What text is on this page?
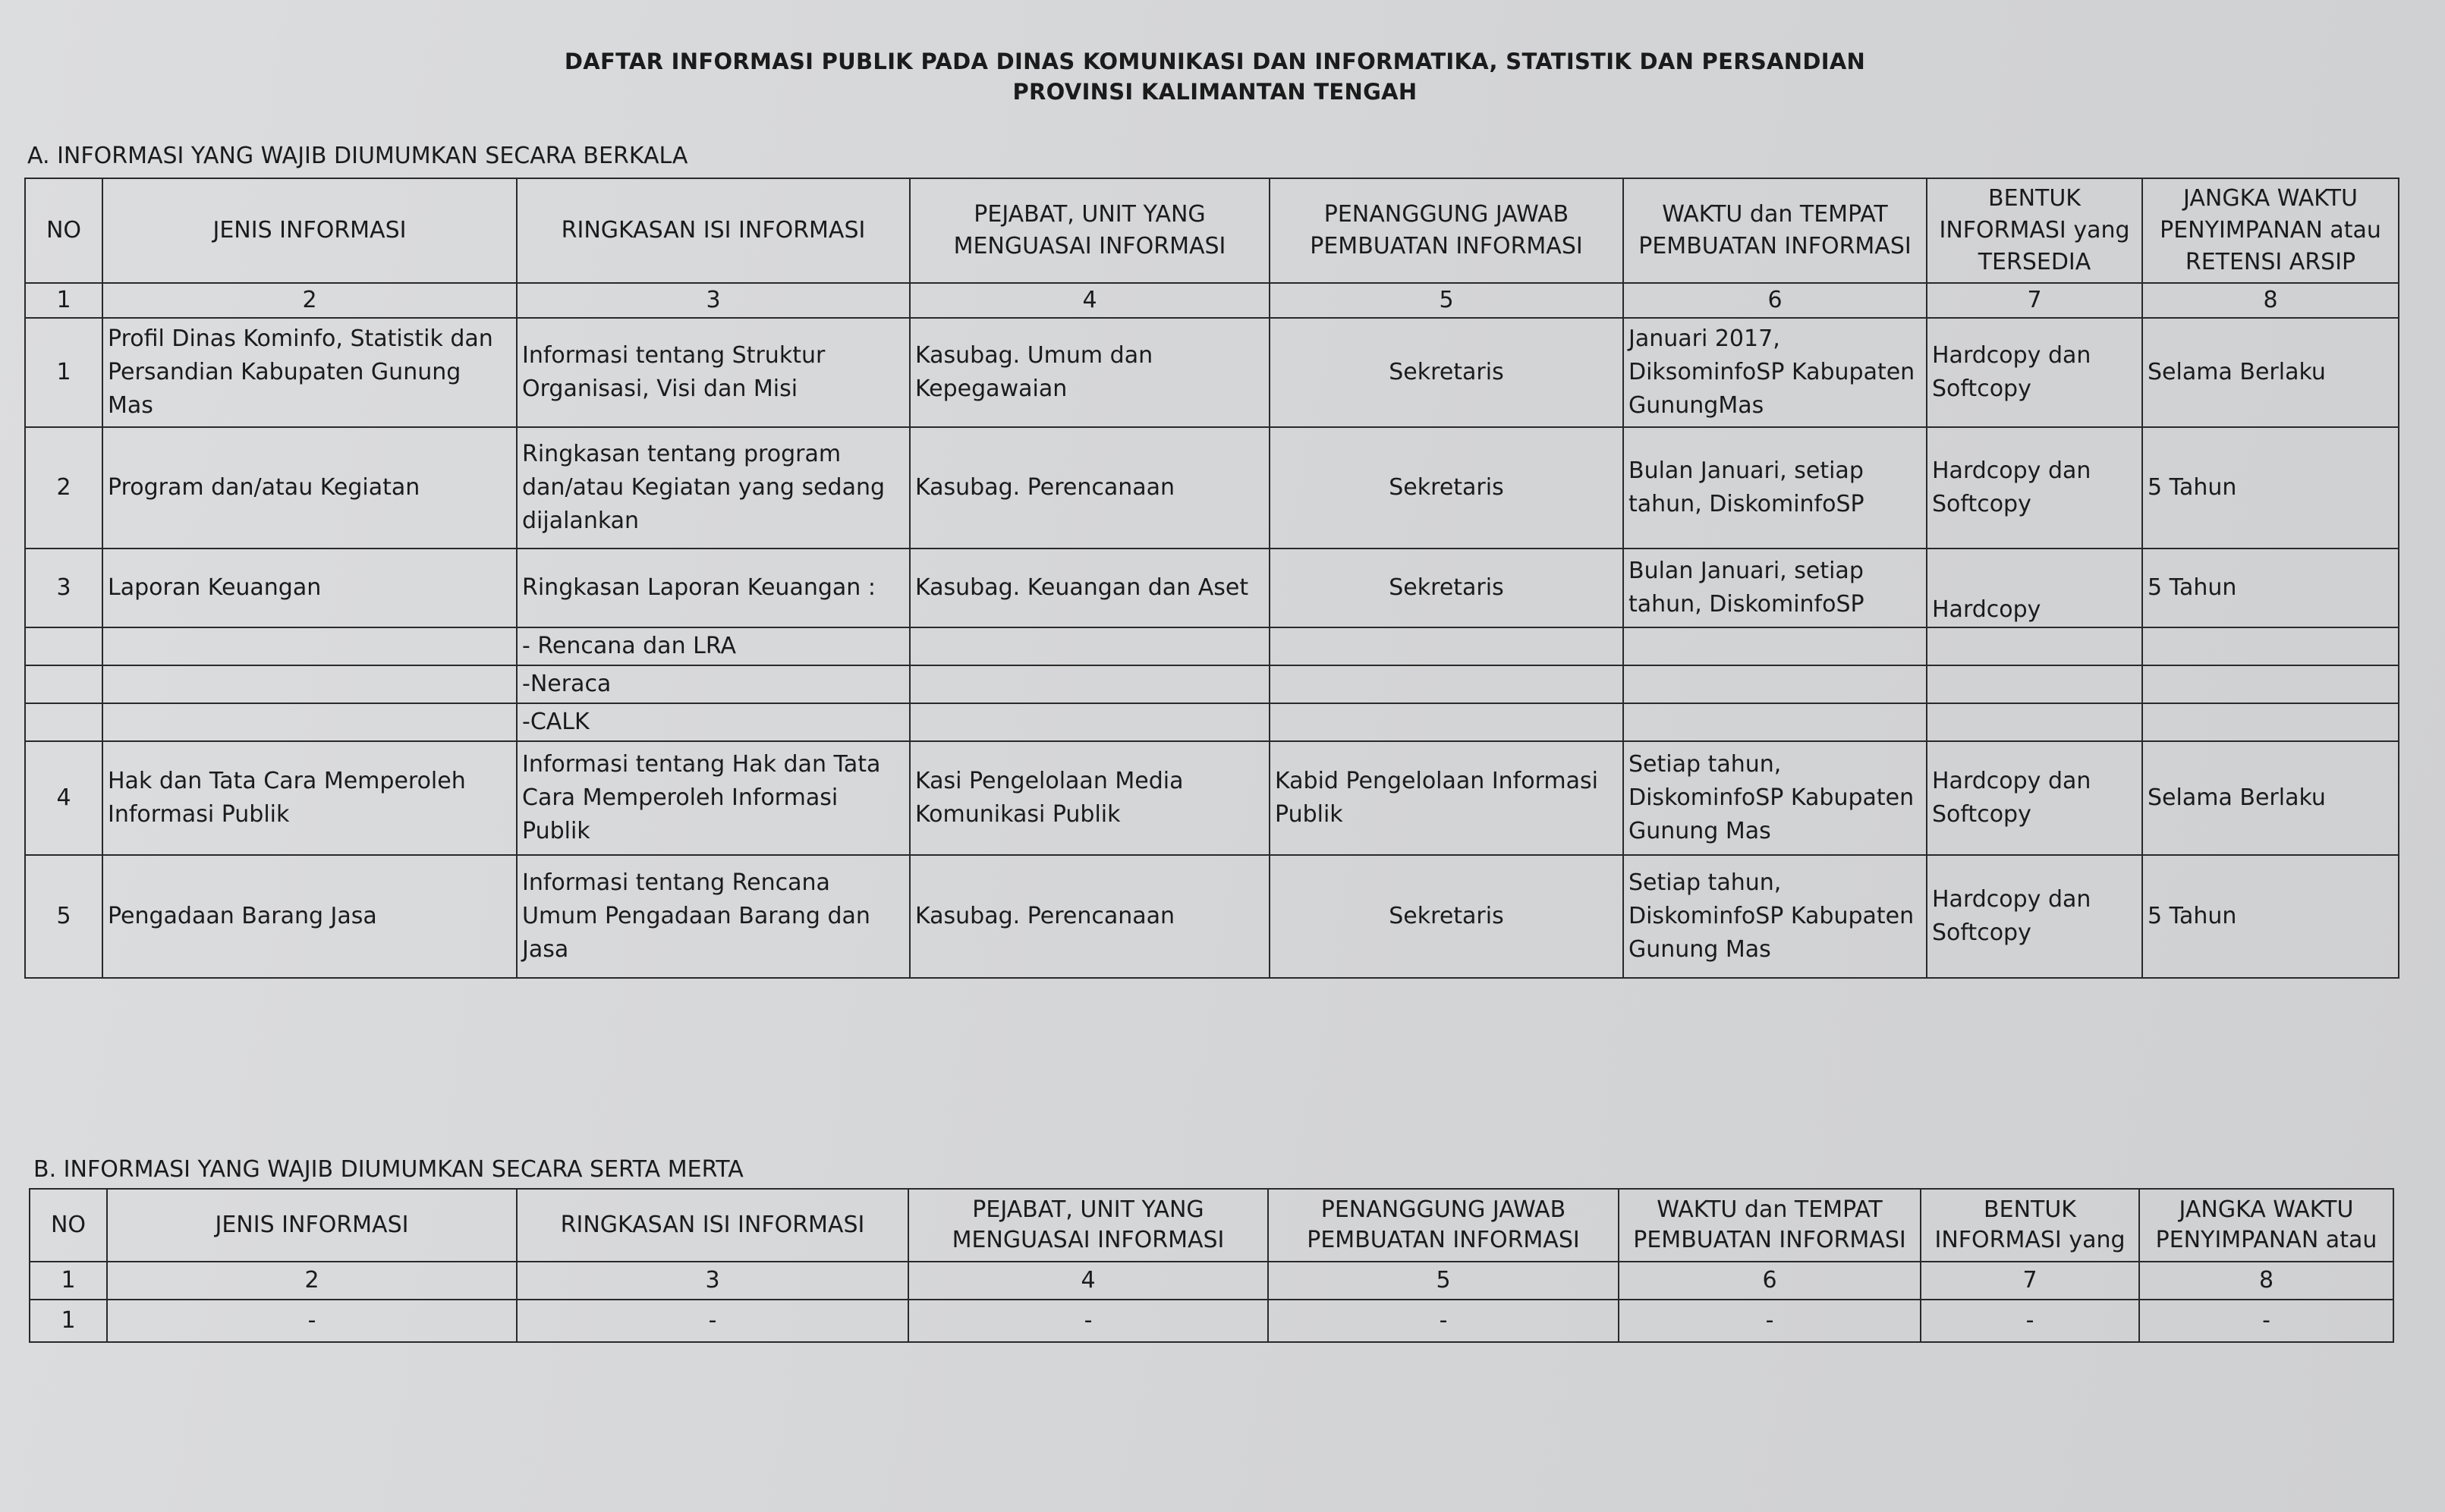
DAFTAR INFORMASI PUBLIK PADA DINAS KOMUNIKASI DAN INFORMATIKA, STATISTIK DAN PERSANDIAN
PROVINSI KALIMANTAN TENGAH
A. INFORMASI YANG WAJIB DIUMUMKAN SECARA BERKALA
NO	JENIS INFORMASI	RINGKASAN ISI INFORMASI	PEJABAT, UNIT YANG MENGUASAI INFORMASI	PENANGGUNG JAWAB PEMBUATAN INFORMASI	WAKTU dan TEMPAT PEMBUATAN INFORMASI	BENTUK INFORMASI yang TERSEDIA	JANGKA WAKTU PENYIMPANAN atau RETENSI ARSIP
1	2	3	4	5	6	7	8
1	Profil Dinas Kominfo, Statistik dan Persandian Kabupaten Gunung Mas	Informasi tentang Struktur Organisasi, Visi dan Misi	Kasubag. Umum dan Kepegawaian	Sekretaris	Januari 2017, DiksominfoSP Kabupaten GunungMas	Hardcopy dan Softcopy	Selama Berlaku
2	Program dan/atau Kegiatan	Ringkasan tentang program dan/atau Kegiatan yang sedang dijalankan	Kasubag. Perencanaan	Sekretaris	Bulan Januari, setiap tahun, DiskominfoSP	Hardcopy dan Softcopy	5 Tahun
3	Laporan Keuangan	Ringkasan Laporan Keuangan :	Kasubag. Keuangan dan Aset	Sekretaris	Bulan Januari, setiap tahun, DiskominfoSP	Hardcopy	5 Tahun
		- Rencana dan LRA					
		-Neraca					
		-CALK					
4	Hak dan Tata Cara Memperoleh Informasi Publik	Informasi tentang Hak dan Tata Cara Memperoleh Informasi Publik	Kasi Pengelolaan Media Komunikasi Publik	Kabid Pengelolaan Informasi Publik	Setiap tahun, DiskominfoSP Kabupaten Gunung Mas	Hardcopy dan Softcopy	Selama Berlaku
5	Pengadaan Barang Jasa	Informasi tentang Rencana Umum Pengadaan Barang dan Jasa	Kasubag. Perencanaan	Sekretaris	Setiap tahun, DiskominfoSP Kabupaten Gunung Mas	Hardcopy dan Softcopy	5 Tahun
B. INFORMASI YANG WAJIB DIUMUMKAN SECARA SERTA MERTA
NO	JENIS INFORMASI	RINGKASAN ISI INFORMASI	PEJABAT, UNIT YANG MENGUASAI INFORMASI	PENANGGUNG JAWAB PEMBUATAN INFORMASI	WAKTU dan TEMPAT PEMBUATAN INFORMASI	BENTUK INFORMASI yang	JANGKA WAKTU PENYIMPANAN atau
1	2	3	4	5	6	7	8
1	-	-	-	-	-	-	-
